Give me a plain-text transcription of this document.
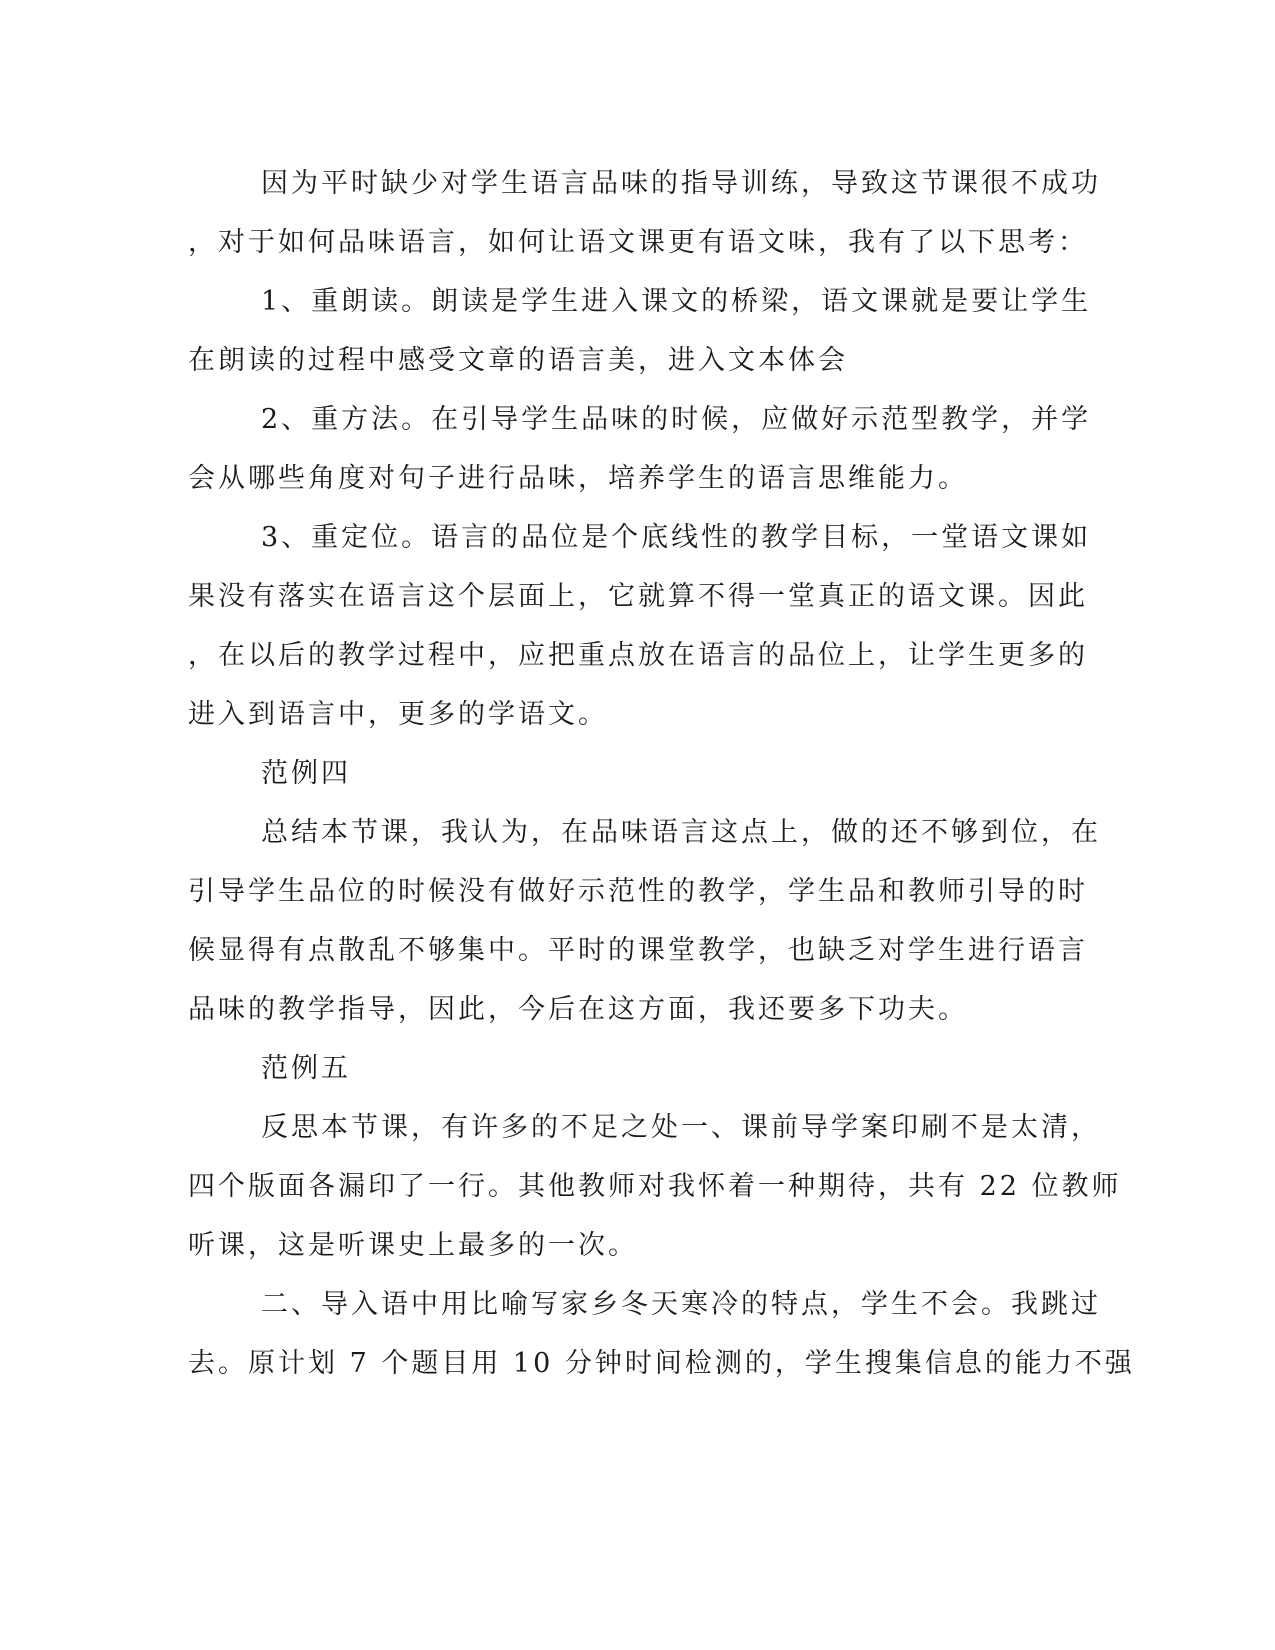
因为平时缺少对学生语言品味的指导训练，导致这节课很不成功
，对于如何品味语言，如何让语文课更有语文味，我有了以下思考：
1、重朗读。朗读是学生进入课文的桥梁，语文课就是要让学生
在朗读的过程中感受文章的语言美，进入文本体会
2、重方法。在引导学生品味的时候，应做好示范型教学，并学
会从哪些角度对句子进行品味，培养学生的语言思维能力。
3、重定位。语言的品位是个底线性的教学目标，一堂语文课如
果没有落实在语言这个层面上，它就算不得一堂真正的语文课。因此
，在以后的教学过程中，应把重点放在语言的品位上，让学生更多的
进入到语言中，更多的学语文。
范例四
总结本节课，我认为，在品味语言这点上，做的还不够到位，在
引导学生品位的时候没有做好示范性的教学，学生品和教师引导的时
候显得有点散乱不够集中。平时的课堂教学，也缺乏对学生进行语言
品味的教学指导，因此，今后在这方面，我还要多下功夫。
范例五
反思本节课，有许多的不足之处一、课前导学案印刷不是太清，
四个版面各漏印了一行。其他教师对我怀着一种期待，共有 22 位教师
听课，这是听课史上最多的一次。
二、导入语中用比喻写家乡冬天寒冷的特点，学生不会。我跳过
去。原计划 7 个题目用 10 分钟时间检测的，学生搜集信息的能力不强
